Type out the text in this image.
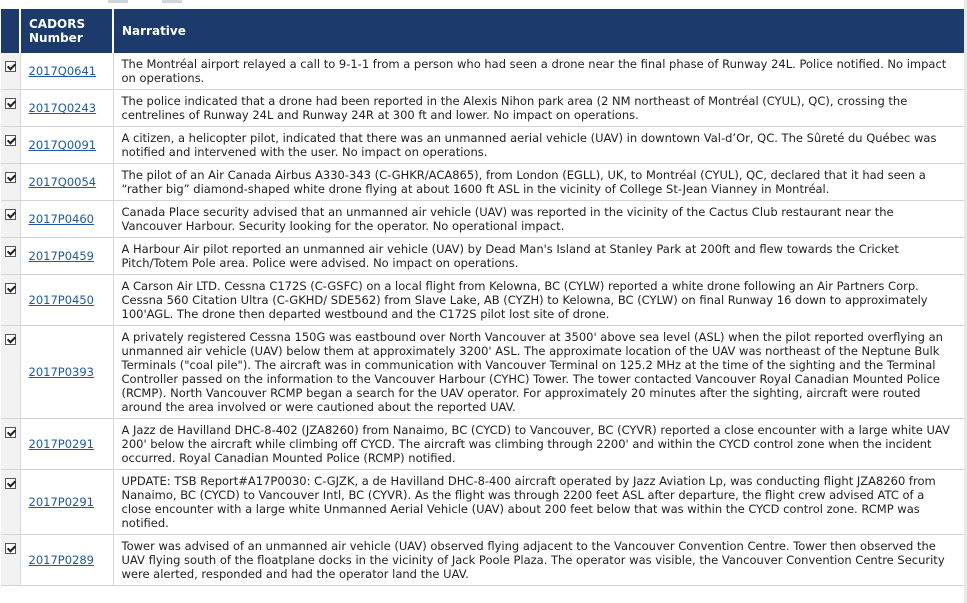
	CADORS Number	Narrative
	2017Q0641	The Montréal airport relayed a call to 9-1-1 from a person who had seen a drone near the final phase of Runway 24L. Police notified. No impact on operations.
	2017Q0243	The police indicated that a drone had been reported in the Alexis Nihon park area (2 NM northeast of Montréal (CYUL), QC), crossing the centrelines of Runway 24L and Runway 24R at 300 ft and lower. No impact on operations.
	2017Q0091	A citizen, a helicopter pilot, indicated that there was an unmanned aerial vehicle (UAV) in downtown Val-d’Or, QC. The Sûreté du Québec was notified and intervened with the user. No impact on operations.
	2017Q0054	The pilot of an Air Canada Airbus A330-343 (C-GHKR/ACA865), from London (EGLL), UK, to Montréal (CYUL), QC, declared that it had seen a “rather big” diamond-shaped white drone flying at about 1600 ft ASL in the vicinity of College St-Jean Vianney in Montréal.
	2017P0460	Canada Place security advised that an unmanned air vehicle (UAV) was reported in the vicinity of the Cactus Club restaurant near the Vancouver Harbour. Security looking for the operator. No operational impact.
	2017P0459	A Harbour Air pilot reported an unmanned air vehicle (UAV) by Dead Man's Island at Stanley Park at 200ft and flew towards the Cricket Pitch/Totem Pole area. Police were advised. No impact on operations.
	2017P0450	A Carson Air LTD. Cessna C172S (C-GSFC) on a local flight from Kelowna, BC (CYLW) reported a white drone following an Air Partners Corp. Cessna 560 Citation Ultra (C-GKHD/ SDE562) from Slave Lake, AB (CYZH) to Kelowna, BC (CYLW) on final Runway 16 down to approximately 100'AGL. The drone then departed westbound and the C172S pilot lost site of drone.
	2017P0393	A privately registered Cessna 150G was eastbound over North Vancouver at 3500' above sea level (ASL) when the pilot reported overflying an unmanned air vehicle (UAV) below them at approximately 3200' ASL. The approximate location of the UAV was northeast of the Neptune Bulk Terminals ("coal pile"). The aircraft was in communication with Vancouver Terminal on 125.2 MHz at the time of the sighting and the Terminal Controller passed on the information to the Vancouver Harbour (CYHC) Tower. The tower contacted Vancouver Royal Canadian Mounted Police (RCMP). North Vancouver RCMP began a search for the UAV operator. For approximately 20 minutes after the sighting, aircraft were routed around the area involved or were cautioned about the reported UAV.
	2017P0291	A Jazz de Havilland DHC-8-402 (JZA8260) from Nanaimo, BC (CYCD) to Vancouver, BC (CYVR) reported a close encounter with a large white UAV 200' below the aircraft while climbing off CYCD. The aircraft was climbing through 2200' and within the CYCD control zone when the incident occurred. Royal Canadian Mounted Police (RCMP) notified.
	2017P0291	UPDATE: TSB Report#A17P0030: C-GJZK, a de Havilland DHC-8-400 aircraft operated by Jazz Aviation Lp, was conducting flight JZA8260 from Nanaimo, BC (CYCD) to Vancouver Intl, BC (CYVR). As the flight was through 2200 feet ASL after departure, the flight crew advised ATC of a close encounter with a large white Unmanned Aerial Vehicle (UAV) about 200 feet below that was within the CYCD control zone. RCMP was notified.
	2017P0289	Tower was advised of an unmanned air vehicle (UAV) observed flying adjacent to the Vancouver Convention Centre. Tower then observed the UAV flying south of the floatplane docks in the vicinity of Jack Poole Plaza. The operator was visible, the Vancouver Convention Centre Security were alerted, responded and had the operator land the UAV.
